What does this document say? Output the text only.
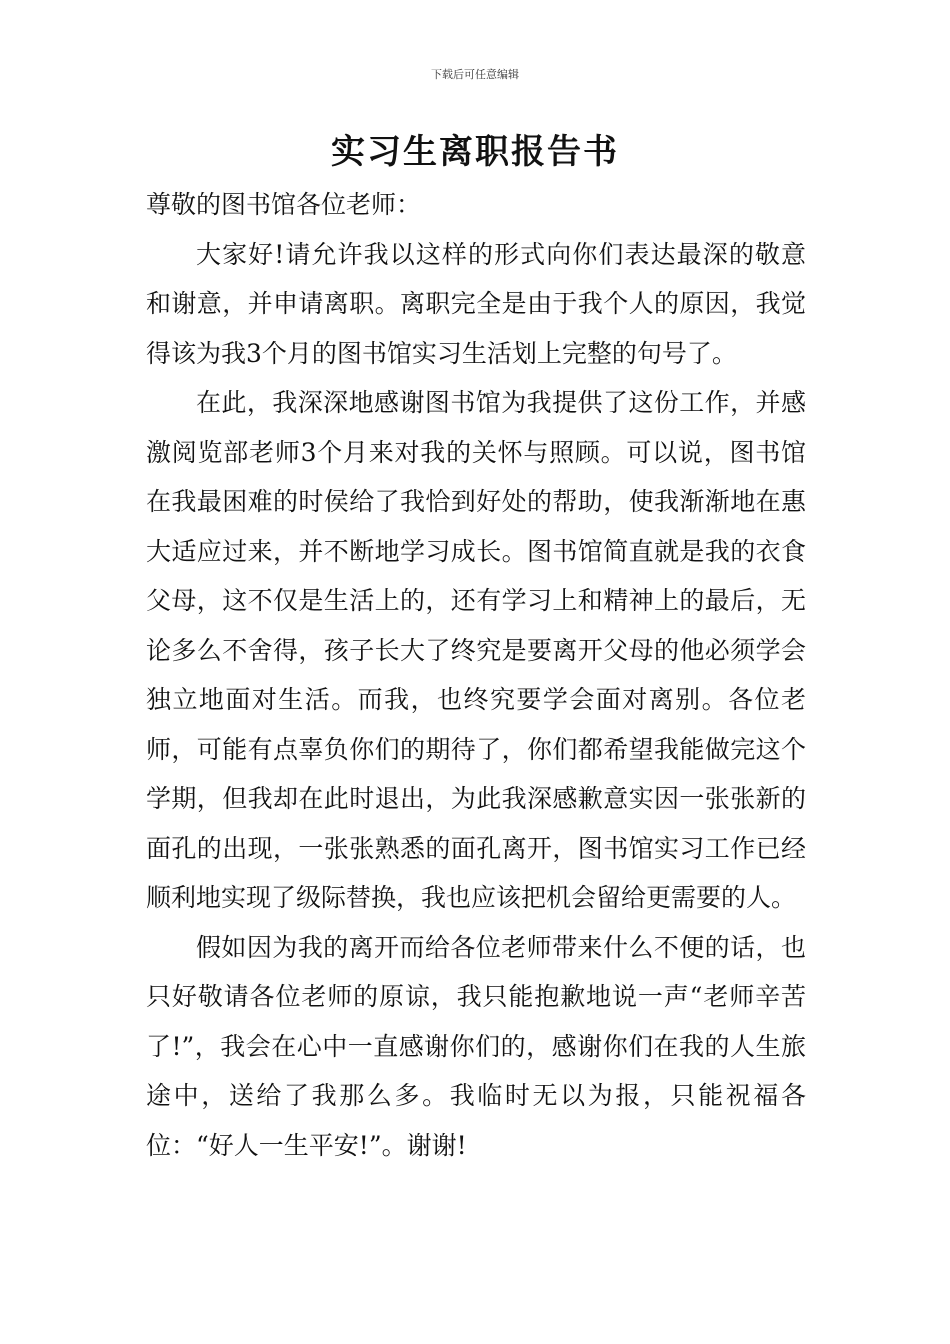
下载后可任意编辑
实习生离职报告书

尊敬的图书馆各位老师：

大家好!请允许我以这样的形式向你们表达最深的敬意和谢意，并申请离职。离职完全是由于我个人的原因，我觉得该为我3个月的图书馆实习生活划上完整的句号了。

在此，我深深地感谢图书馆为我提供了这份工作，并感激阅览部老师3个月来对我的关怀与照顾。可以说，图书馆在我最困难的时侯给了我恰到好处的帮助，使我渐渐地在惠大适应过来，并不断地学习成长。图书馆简直就是我的衣食父母，这不仅是生活上的，还有学习上和精神上的最后，无论多么不舍得，孩子长大了终究是要离开父母的他必须学会独立地面对生活。而我，也终究要学会面对离别。各位老师，可能有点辜负你们的期待了，你们都希望我能做完这个学期，但我却在此时退出，为此我深感歉意实因一张张新的面孔的出现，一张张熟悉的面孔离开，图书馆实习工作已经顺利地实现了级际替换，我也应该把机会留给更需要的人。

假如因为我的离开而给各位老师带来什么不便的话，也只好敬请各位老师的原谅，我只能抱歉地说一声“老师辛苦了!”，我会在心中一直感谢你们的，感谢你们在我的人生旅途中，送给了我那么多。我临时无以为报，只能祝福各位：“好人一生平安!”。谢谢!
